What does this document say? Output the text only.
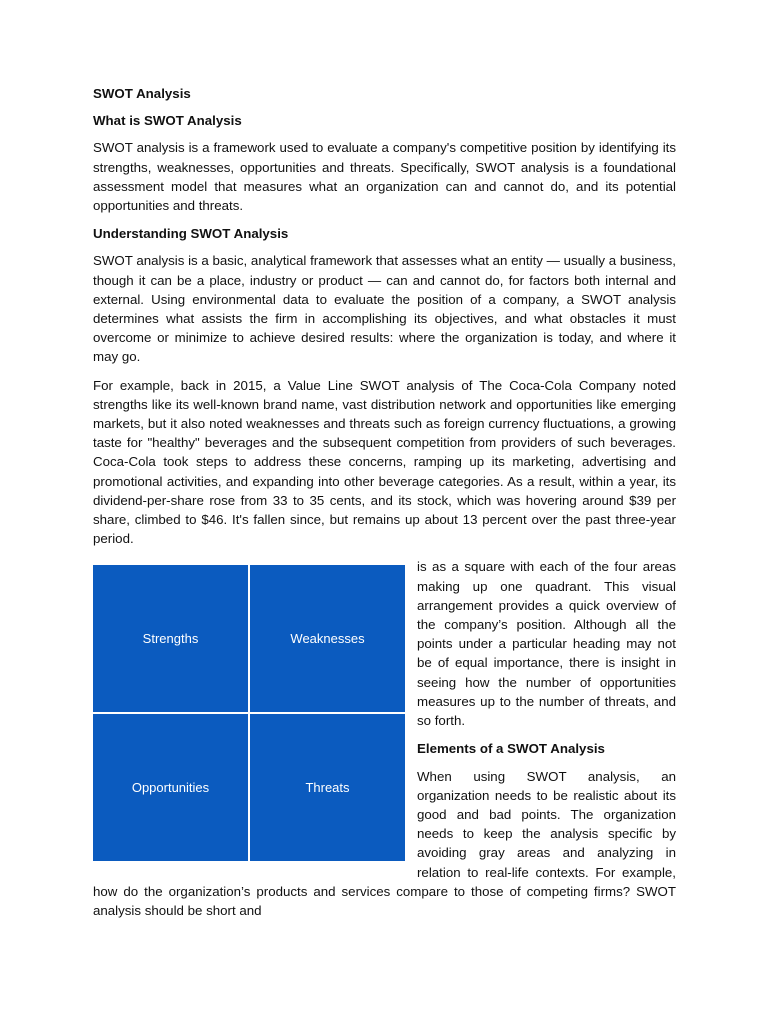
SWOT Analysis
What is SWOT Analysis

SWOT analysis is a framework used to evaluate a company's competitive position by identifying its strengths, weaknesses, opportunities and threats. Specifically, SWOT analysis is a foundational assessment model that measures what an organization can and cannot do, and its potential opportunities and threats.

Understanding SWOT Analysis

SWOT analysis is a basic, analytical framework that assesses what an entity — usually a business, though it can be a place, industry or product — can and cannot do, for factors both internal and external. Using environmental data to evaluate the position of a company, a SWOT analysis determines what assists the firm in accomplishing its objectives, and what obstacles it must overcome or minimize to achieve desired results: where the organization is today, and where it may go.

For example, back in 2015, a Value Line SWOT analysis of The Coca-Cola Company noted strengths like its well-known brand name, vast distribution network and opportunities like emerging markets, but it also noted weaknesses and threats such as foreign currency fluctuations, a growing taste for "healthy" beverages and the subsequent competition from providers of such beverages. Coca-Cola took steps to address these concerns, ramping up its marketing, advertising and promotional activities, and expanding into other beverage categories. As a result, within a year, its dividend-per-share rose from 33 to 35 cents, and its stock, which was hovering around $39 per share, climbed to $46. It's fallen since, but remains up about 13 percent over the past three-year period.

Strengths	Weaknesses
Opportunities	Threats

is as a square with each of the four areas making up one quadrant. This visual arrangement provides a quick overview of the company’s position. Although all the points under a particular heading may not be of equal importance, there is insight in seeing how the number of opportunities measures up to the number of threats, and so forth.

Elements of a SWOT Analysis

When using SWOT analysis, an organization needs to be realistic about its good and bad points. The organization needs to keep the analysis specific by avoiding gray areas and analyzing in relation to real-life contexts. For example, how do the organization’s products and services compare to those of competing firms? SWOT analysis should be short and
